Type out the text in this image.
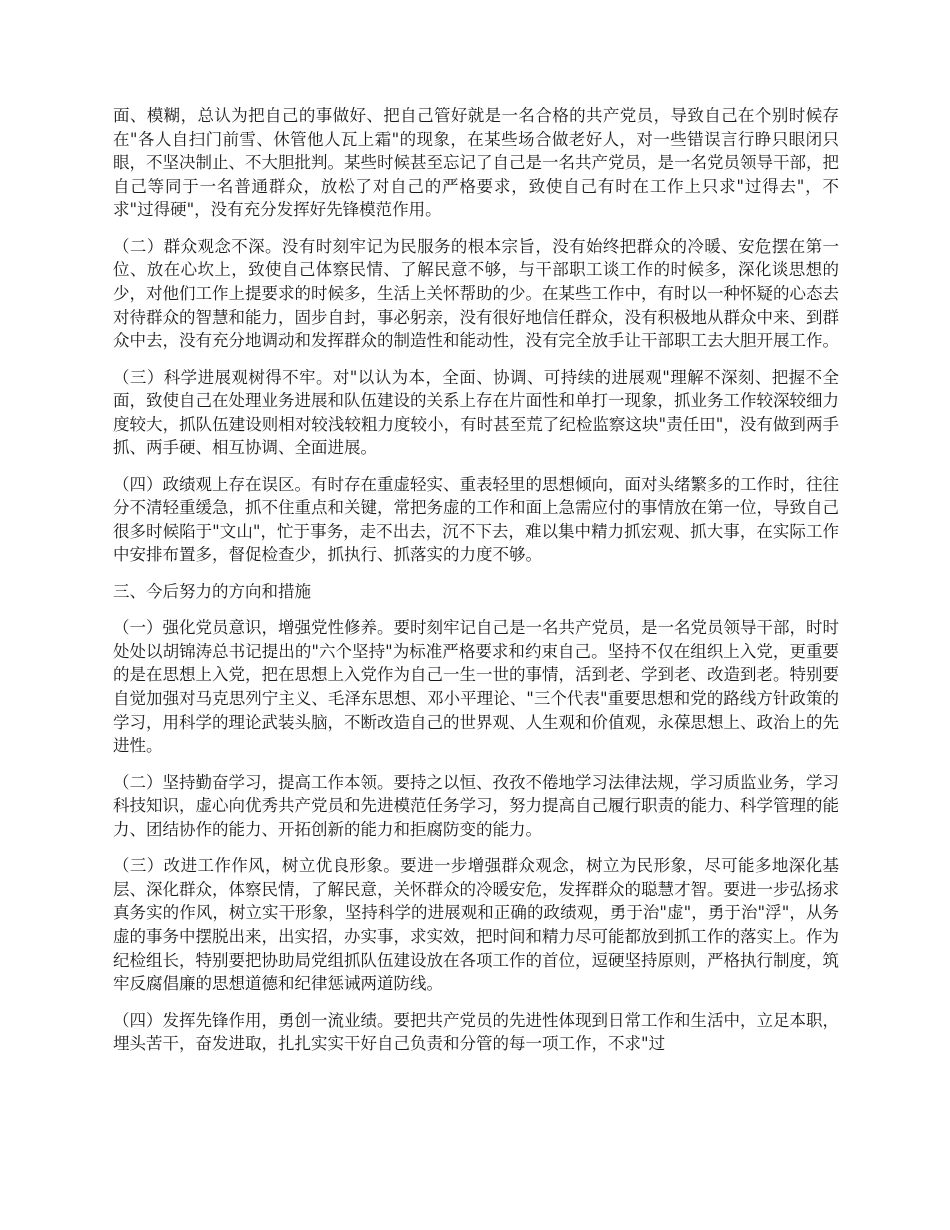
面、模糊，总认为把自己的事做好、把自己管好就是一名合格的共产党员，导致自己在个别时候存在"各人自扫门前雪、休管他人瓦上霜"的现象，在某些场合做老好人，对一些错误言行睁只眼闭只眼，不坚决制止、不大胆批判。某些时候甚至忘记了自己是一名共产党员，是一名党员领导干部，把自己等同于一名普通群众，放松了对自己的严格要求，致使自己有时在工作上只求"过得去"，不求"过得硬"，没有充分发挥好先锋模范作用。

（二）群众观念不深。没有时刻牢记为民服务的根本宗旨，没有始终把群众的冷暖、安危摆在第一位、放在心坎上，致使自己体察民情、了解民意不够，与干部职工谈工作的时候多，深化谈思想的少，对他们工作上提要求的时候多，生活上关怀帮助的少。在某些工作中，有时以一种怀疑的心态去对待群众的智慧和能力，固步自封，事必躬亲，没有很好地信任群众，没有积极地从群众中来、到群众中去，没有充分地调动和发挥群众的制造性和能动性，没有完全放手让干部职工去大胆开展工作。

（三）科学进展观树得不牢。对"以认为本，全面、协调、可持续的进展观"理解不深刻、把握不全面，致使自己在处理业务进展和队伍建设的关系上存在片面性和单打一现象，抓业务工作较深较细力度较大，抓队伍建设则相对较浅较粗力度较小，有时甚至荒了纪检监察这块"责任田"，没有做到两手抓、两手硬、相互协调、全面进展。

（四）政绩观上存在误区。有时存在重虚轻实、重表轻里的思想倾向，面对头绪繁多的工作时，往往分不清轻重缓急，抓不住重点和关键，常把务虚的工作和面上急需应付的事情放在第一位，导致自己很多时候陷于"文山"，忙于事务，走不出去，沉不下去，难以集中精力抓宏观、抓大事，在实际工作中安排布置多，督促检查少，抓执行、抓落实的力度不够。

三、今后努力的方向和措施

（一）强化党员意识，增强党性修养。要时刻牢记自己是一名共产党员，是一名党员领导干部，时时处处以胡锦涛总书记提出的"六个坚持"为标准严格要求和约束自己。坚持不仅在组织上入党，更重要的是在思想上入党，把在思想上入党作为自己一生一世的事情，活到老、学到老、改造到老。特别要自觉加强对马克思列宁主义、毛泽东思想、邓小平理论、"三个代表"重要思想和党的路线方针政策的学习，用科学的理论武装头脑，不断改造自己的世界观、人生观和价值观，永葆思想上、政治上的先进性。

（二）坚持勤奋学习，提高工作本领。要持之以恒、孜孜不倦地学习法律法规，学习质监业务，学习科技知识，虚心向优秀共产党员和先进模范任务学习，努力提高自己履行职责的能力、科学管理的能力、团结协作的能力、开拓创新的能力和拒腐防变的能力。

（三）改进工作作风，树立优良形象。要进一步增强群众观念，树立为民形象，尽可能多地深化基层、深化群众，体察民情，了解民意，关怀群众的冷暖安危，发挥群众的聪慧才智。要进一步弘扬求真务实的作风，树立实干形象，坚持科学的进展观和正确的政绩观，勇于治"虚"，勇于治"浮"，从务虚的事务中摆脱出来，出实招，办实事，求实效，把时间和精力尽可能都放到抓工作的落实上。作为纪检组长，特别要把协助局党组抓队伍建设放在各项工作的首位，逗硬坚持原则，严格执行制度，筑牢反腐倡廉的思想道德和纪律惩诫两道防线。

（四）发挥先锋作用，勇创一流业绩。要把共产党员的先进性体现到日常工作和生活中，立足本职，埋头苦干，奋发进取，扎扎实实干好自己负责和分管的每一项工作，不求"过
